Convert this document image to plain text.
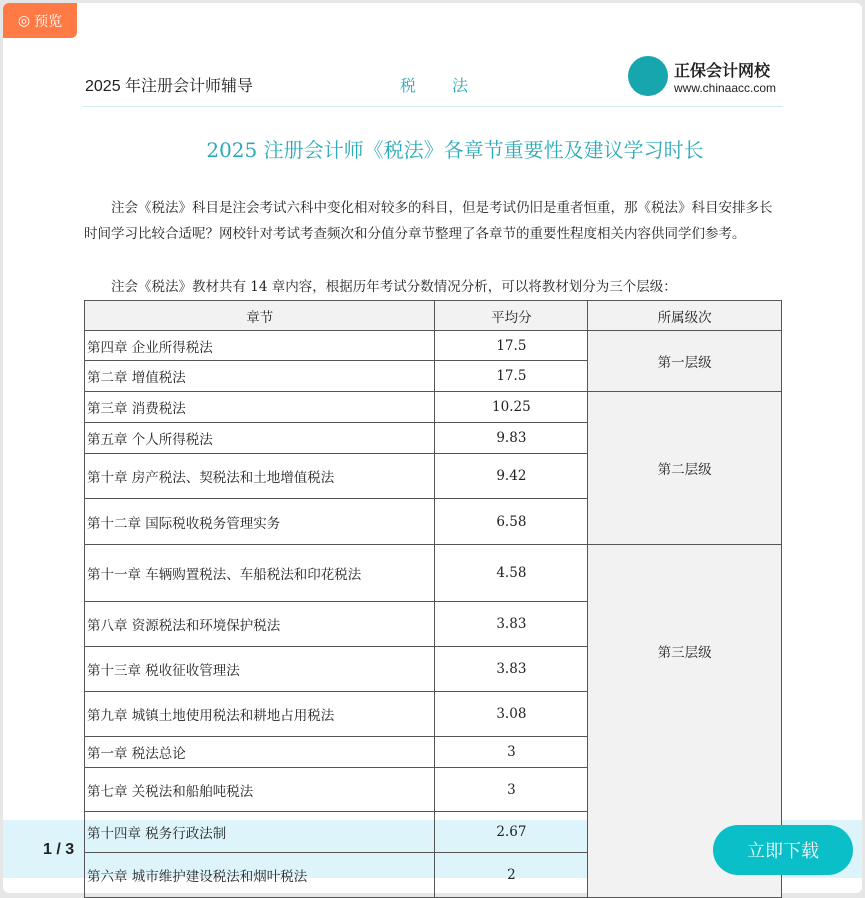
◎ 预览
2025 年注册会计师辅导	税法
正保会计网校
www.chinaacc.com
2025 注册会计师《税法》各章节重要性及建议学习时长

注会《税法》科目是注会考试六科中变化相对较多的科目，但是考试仍旧是重者恒重，那《税法》科目安排多长时间学习比较合适呢？网校针对考试考查频次和分值分章节整理了各章节的重要性程度相关内容供同学们参考。

注会《税法》教材共有 14 章内容，根据历年考试分数情况分析，可以将教材划分为三个层级：

章节	平均分	所属级次
第四章 企业所得税法	17.5	第一层级
第二章 增值税法	17.5	
第三章 消费税法	10.25	第二层级
第五章 个人所得税法	9.83	
第十章 房产税法、契税法和土地增值税法	9.42	
第十二章 国际税收税务管理实务	6.58	
第十一章 车辆购置税法、车船税法和印花税法	4.58	第三层级

第八章 资源税法和环境保护税法	3.83	
第十三章 税收征收管理法	3.83	
第九章 城镇土地使用税法和耕地占用税法	3.08	
第一章 税法总论	3	
第七章 关税法和船舶吨税法	3	
第十四章 税务行政法制	2.67	
第六章 城市维护建设税法和烟叶税法	2	
1 / 3	立即下载
